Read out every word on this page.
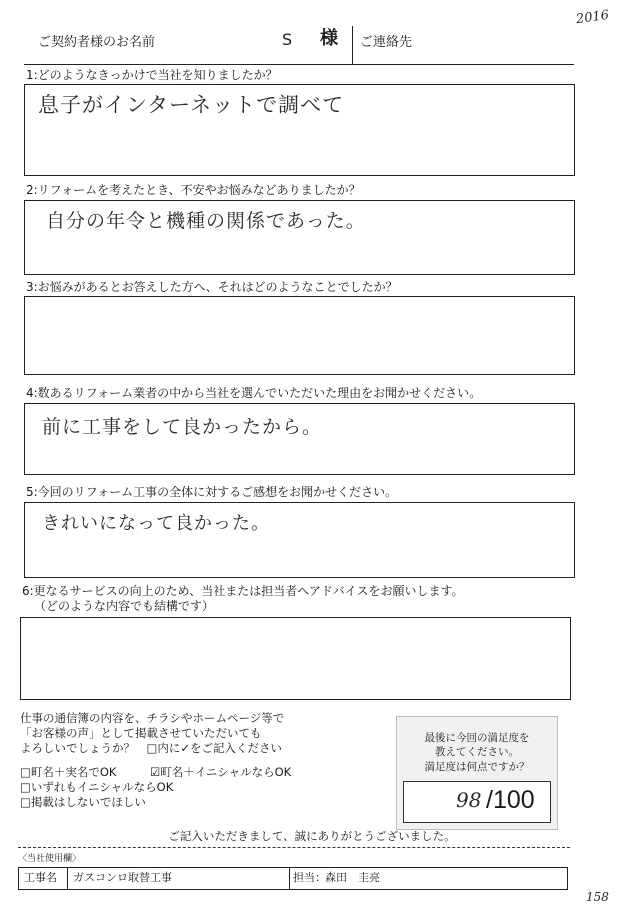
2016
ご契約者様のお名前	S 様 ご連絡先
1:どのようなきっかけで当社を知りましたか？
息子がインターネットで調べて
2:リフォームを考えたとき、不安やお悩みなどありましたか？
自分の年令と機種の関係であった。
3:お悩みがあるとお答えした方へ、それはどのようなことでしたか？
4:数あるリフォーム業者の中から当社を選んでいただいた理由をお聞かせください。
前に工事をして良かったから。
5:今回のリフォーム工事の全体に対するご感想をお聞かせください。
きれいになって良かった。
6:更なるサービスの向上のため、当社または担当者へアドバイスをお願いします。
（どのような内容でも結構です）
仕事の通信簿の内容を、チラシやホームページ等で
「お客様の声」として掲載させていただいても
よろしいでしょうか？　□内に✓をご記入ください
□町名＋実名でOK	☑町名＋イニシャルならOK
□いずれもイニシャルならOK
□掲載はしないでほしい
最後に今回の満足度を
教えてください。
満足度は何点ですか？
98 /100
ご記入いただきまして、誠にありがとうございました。
〈当社使用欄〉
工事名 ガスコンロ取替工事	担当： 森田　圭亮
158
